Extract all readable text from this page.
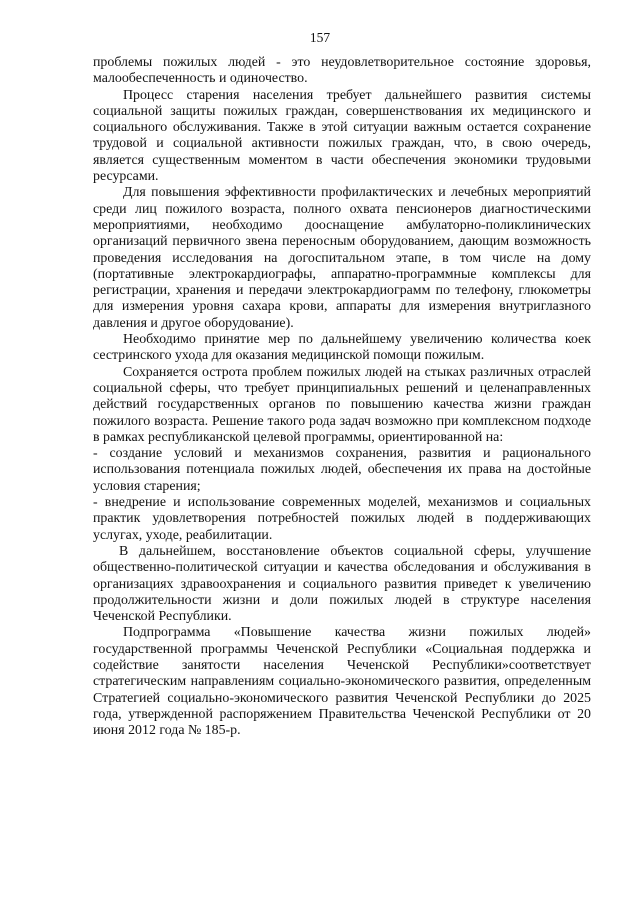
157

проблемы пожилых людей - это неудовлетворительное состояние здоровья, малообеспеченность и одиночество.

Процесс старения населения требует дальнейшего развития системы социальной защиты пожилых граждан, совершенствования их медицинского и социального обслуживания. Также в этой ситуации важным остается сохранение трудовой и социальной активности пожилых граждан, что, в свою очередь, является существенным моментом в части обеспечения экономики трудовыми ресурсами.

Для повышения эффективности профилактических и лечебных мероприятий среди лиц пожилого возраста, полного охвата пенсионеров диагностическими мероприятиями, необходимо дооснащение амбулаторно-поликлинических организаций первичного звена переносным оборудованием, дающим возможность проведения исследования на догоспитальном этапе, в том числе на дому (портативные электрокардиографы, аппаратно-программные комплексы для регистрации, хранения и передачи электрокардиограмм по телефону, глюкометры для измерения уровня сахара крови, аппараты для измерения внутриглазного давления и другое оборудование).

Необходимо принятие мер по дальнейшему увеличению количества коек сестринского ухода для оказания медицинской помощи пожилым.

Сохраняется острота проблем пожилых людей на стыках различных отраслей социальной сферы, что требует принципиальных решений и целенаправленных действий государственных органов по повышению качества жизни граждан пожилого возраста. Решение такого рода задач возможно при комплексном подходе в рамках республиканской целевой программы, ориентированной на:

- создание условий и механизмов сохранения, развития и рационального использования потенциала пожилых людей, обеспечения их права на достойные условия старения;

- внедрение и использование современных моделей, механизмов и социальных практик удовлетворения потребностей пожилых людей в поддерживающих услугах, уходе, реабилитации.

В дальнейшем, восстановление объектов социальной сферы, улучшение общественно-политической ситуации и качества обследования и обслуживания в организациях здравоохранения и социального развития приведет к увеличению продолжительности жизни и доли пожилых людей в структуре населения Чеченской Республики.

Подпрограмма «Повышение качества жизни пожилых людей» государственной программы Чеченской Республики «Социальная поддержка и содействие занятости населения Чеченской Республики»соответствует стратегическим направлениям социально-экономического развития, определенным Стратегией социально-экономического развития Чеченской Республики до 2025 года, утвержденной распоряжением Правительства Чеченской Республики от 20 июня 2012 года № 185-р.
